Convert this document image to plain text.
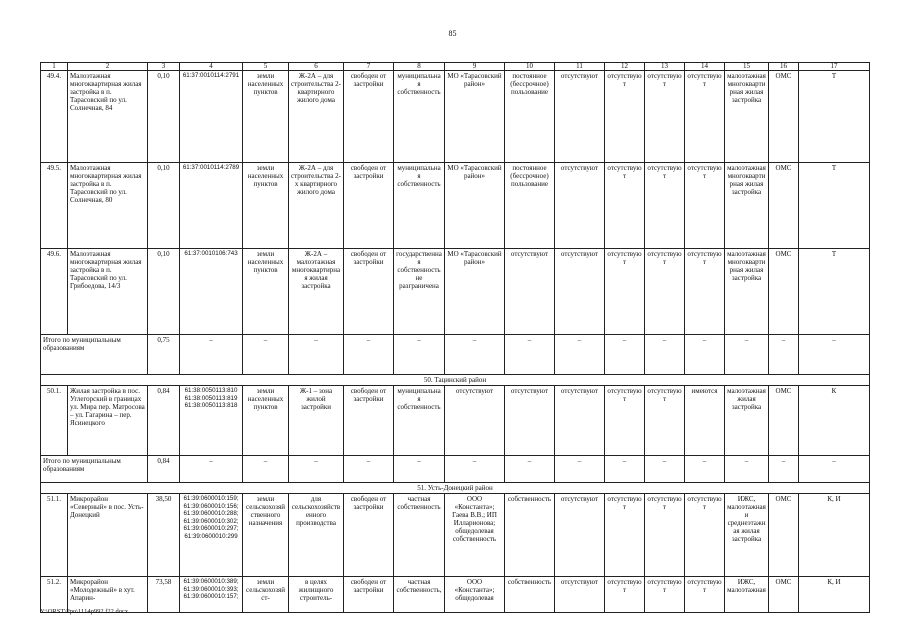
85
1	2	3	4	5	6	7	8	9	10	11	12	13	14	15	16	17
49.4.	Малоэтажная многоквартирная жилая застройка в п. Тарасовский по ул. Солнечная, 84	0,10	61:37:0010114:2791	земли населенных пунктов	Ж-2А – для строительства 2-квартирного жилого дома	свободен от застройки	муниципальная собственность	МО «Тарасовский район»	постоянное (бессрочное) пользование	отсутствуют	отсутствуют	отсутствуют	отсутствуют	малоэтажная многоквартирная жилая застройка	ОМС	Т
49.5.	Малоэтажная многоквартирная жилая застройка в п. Тарасовский по ул. Солнечная, 80	0,10	61:37:0010114:2789	земли населенных пунктов	Ж-2А – для строительства 2-х квартирного жилого дома	свободен от застройки	муниципальная собственность	МО «Тарасовский район»	постоянное (бессрочное) пользование	отсутствуют	отсутствуют	отсутствуют	отсутствуют	малоэтажная многоквартирная жилая застройка	ОМС	Т
49.6.	Малоэтажная многоквартирная жилая застройка в п. Тарасовский по ул. Грибоедова, 14/3	0,10	61:37:0010106:743	земли населенных пунктов	Ж-2А – малоэтажная многоквартирная жилая застройка	свободен от застройки	государственная собственность не разграничена	МО «Тарасовский район»	отсутствуют	отсутствуют	отсутствуют	отсутствуют	отсутствуют	малоэтажная многоквартирная жилая застройка	ОМС	Т
Итого по муниципальным образованиям		0,75	–	–	–	–	–	–	–	–	–	–	–	–	–	–
50. Тацинский район																
50.1.	Жилая застройка в пос. Углегорский в границах ул. Мира пер. Матросова – ул. Гагарина – пер. Ясинецкого	0,84	61:38:0050113:810 61:38:0050113:819 61:38:0050113:818	земли населенных пунктов	Ж-1 – зона жилой застройки	свободен от застройки	муниципальная собственность	отсутствуют	отсутствуют	отсутствуют	отсутствуют	отсутствуют	имеются	малоэтажная жилая застройка	ОМС	К
Итого по муниципальным образованиям		0,84	–	–	–	–	–	–	–	–	–	–	–	–	–	–
51. Усть-Донецкий район																
51.1.	Микрорайон «Северный» в пос. Усть-Донецкий	38,50	61:39:0600010:159; 61:39:0600010:156; 61:39:0600010:288; 61:39:0600010:302; 61:39:0600010:297; 61:39:0600010:299	земли сельскохозяйственного назначения	для сельскохозяйственного производства	свободен от застройки	частная собственность	ООО «Константа»; Гаева В.В.; ИП Илларионова; общедолевая собственность	собственность	отсутствуют	отсутствуют	отсутствуют	отсутствуют	ИЖС, малоэтажная и среднеэтажная жилая застройка	ОМС	К, И
51.2.	Микрорайон «Молодежный» в хут. Апарин-	73,58	61:39:0600010:389; 61:39:0600010:393; 61:39:0600010:157;	земли сельскохозяйст-	в целях жилищного строитель-	свободен от застройки	частная собственность,	ООО «Константа»; общедолевая	собственность	отсутствуют	отсутствуют	отсутствуют	отсутствуют	ИЖС, малоэтажная	ОМС	К, И
Y:\ORST\Ppo\1114p992.f22.docx
